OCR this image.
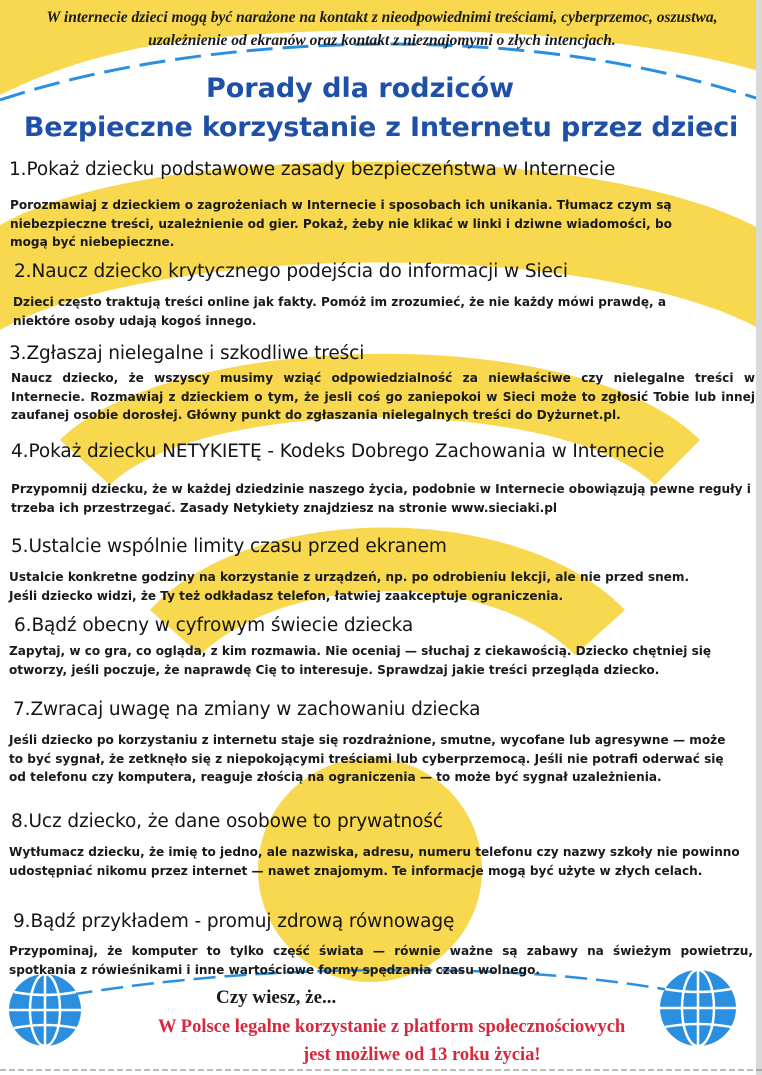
W internecie dzieci mogą być narażone na kontakt z nieodpowiednimi treściami, cyberprzemoc, oszustwa, uzależnienie od ekranów oraz kontakt z nieznajomymi o złych intencjach.
Porady dla rodziców
Bezpieczne korzystanie z Internetu przez dzieci
1.Pokaż dziecku podstawowe zasady bezpieczeństwa w Internecie
Porozmawiaj z dzieckiem o zagrożeniach w Internecie i sposobach ich unikania. Tłumacz czym są niebezpieczne treści, uzależnienie od gier. Pokaż, żeby nie klikać w linki i dziwne wiadomości, bo mogą być niebepieczne.
2.Naucz dziecko krytycznego podejścia do informacji w Sieci
Dzieci często traktują treści online jak fakty. Pomóż im zrozumieć, że nie każdy mówi prawdę, a niektóre osoby udają kogoś innego.
3.Zgłaszaj nielegalne i szkodliwe treści
Naucz dziecko, że wszyscy musimy wziąć odpowiedzialność za niewłaściwe czy nielegalne treści w Internecie. Rozmawiaj z dzieckiem o tym, że jesli coś go zaniepokoi w Sieci może to zgłosić Tobie lub innej zaufanej osobie dorosłej. Główny punkt do zgłaszania nielegalnych treści do Dyżurnet.pl.
4.Pokaż dziecku NETYKIETĘ - Kodeks Dobrego Zachowania w Internecie
Przypomnij dziecku, że w każdej dziedzinie naszego życia, podobnie w Internecie obowiązują pewne reguły i trzeba ich przestrzegać. Zasady Netykiety znajdziesz na stronie www.sieciaki.pl
5.Ustalcie wspólnie limity czasu przed ekranem
Ustalcie konkretne godziny na korzystanie z urządzeń, np. po odrobieniu lekcji, ale nie przed snem. Jeśli dziecko widzi, że Ty też odkładasz telefon, łatwiej zaakceptuje ograniczenia.
6.Bądź obecny w cyfrowym świecie dziecka
Zapytaj, w co gra, co ogląda, z kim rozmawia. Nie oceniaj — słuchaj z ciekawością. Dziecko chętniej się otworzy, jeśli poczuje, że naprawdę Cię to interesuje. Sprawdzaj jakie treści przegląda dziecko.
7.Zwracaj uwagę na zmiany w zachowaniu dziecka
Jeśli dziecko po korzystaniu z internetu staje się rozdrażnione, smutne, wycofane lub agresywne — może to być sygnał, że zetknęło się z niepokojącymi treściami lub cyberprzemocą. Jeśli nie potrafi oderwać się od telefonu czy komputera, reaguje złością na ograniczenia — to może być sygnał uzależnienia.
8.Ucz dziecko, że dane osobowe to prywatność
Wytłumacz dziecku, że imię to jedno, ale nazwiska, adresu, numeru telefonu czy nazwy szkoły nie powinno udostępniać nikomu przez internet — nawet znajomym. Te informacje mogą być użyte w złych celach.
9.Bądź przykładem - promuj zdrową równowagę
Przypominaj, że komputer to tylko część świata — równie ważne są zabawy na świeżym powietrzu, spotkania z rówieśnikami i inne wartościowe formy spędzania czasu wolnego.
Czy wiesz, że...
W Polsce legalne korzystanie z platform społecznościowych
jest możliwe od 13 roku życia!
